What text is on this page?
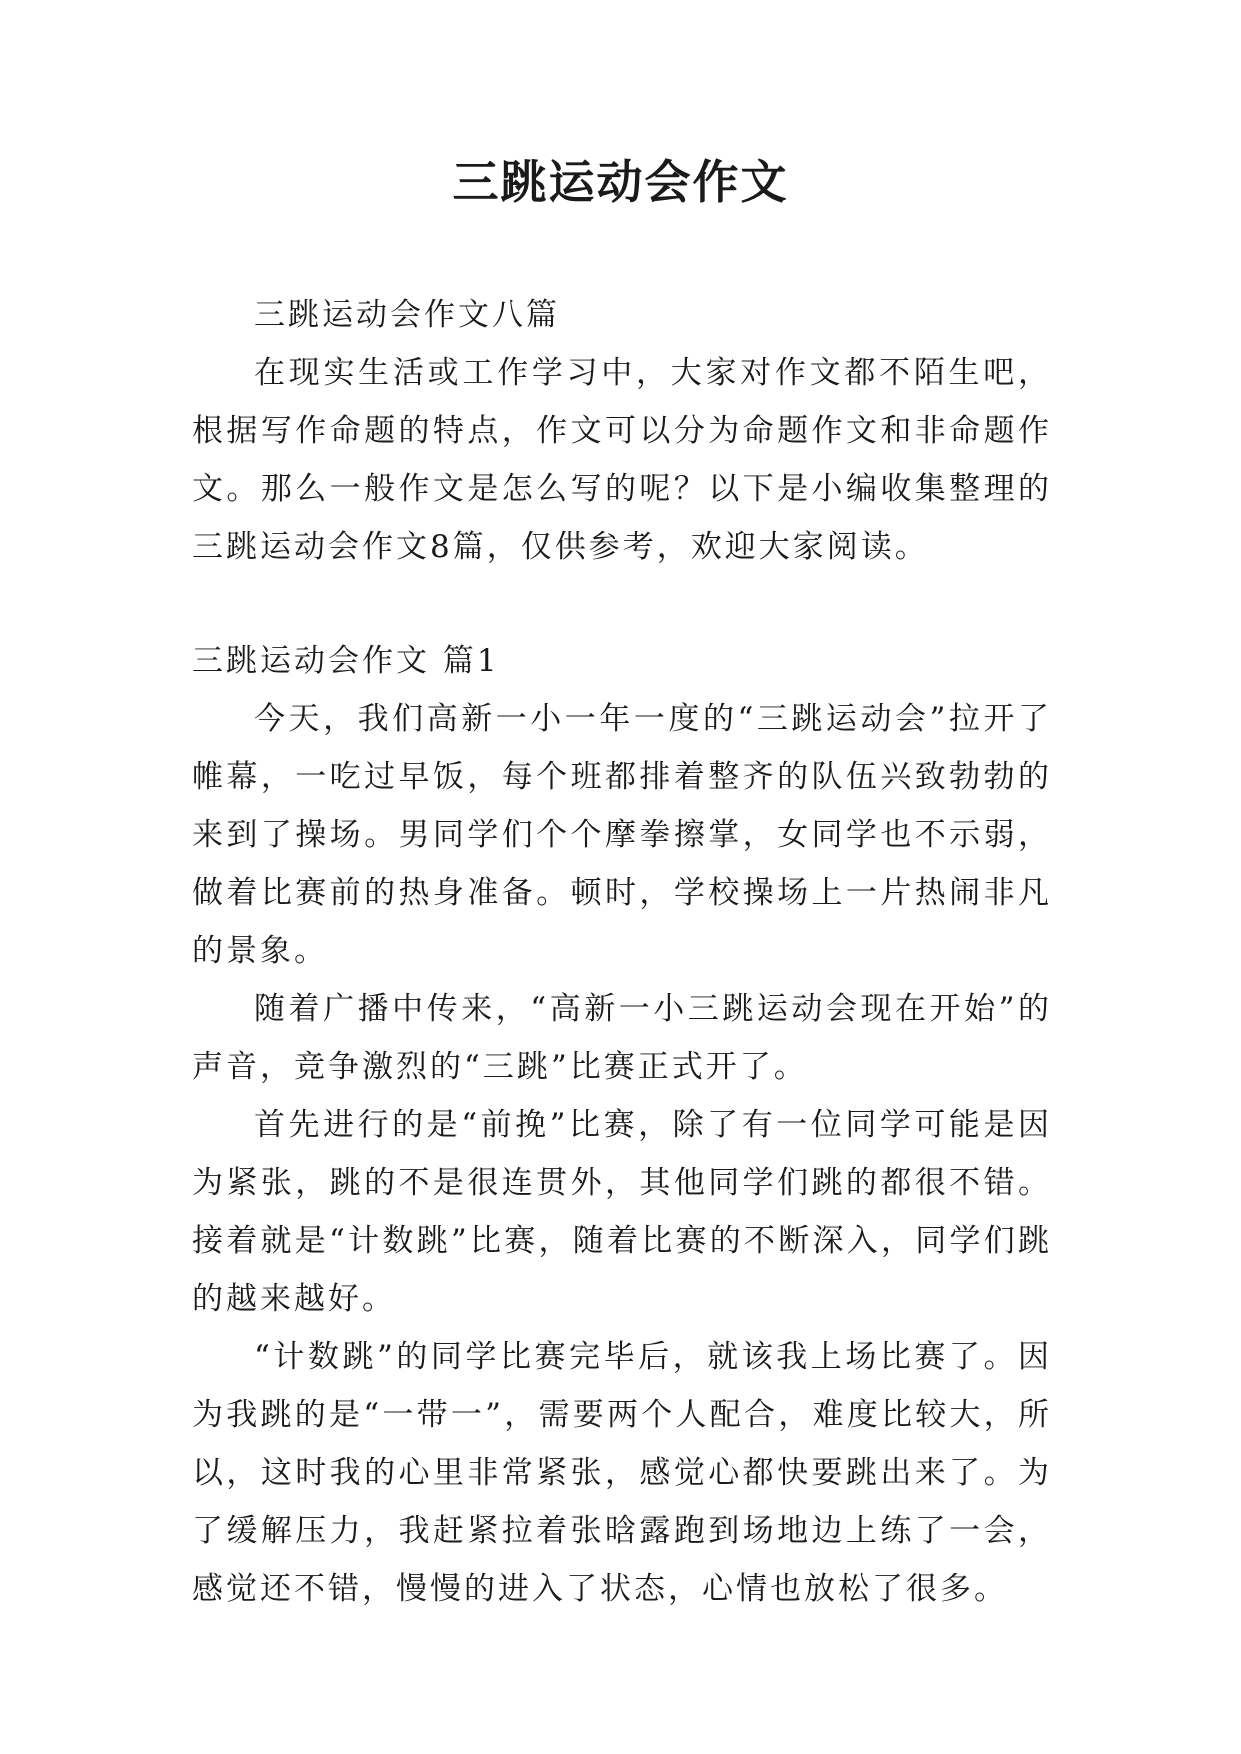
三跳运动会作文

三跳运动会作文八篇

在现实生活或工作学习中，大家对作文都不陌生吧，根据写作命题的特点，作文可以分为命题作文和非命题作文。那么一般作文是怎么写的呢？以下是小编收集整理的三跳运动会作文8篇，仅供参考，欢迎大家阅读。

三跳运动会作文 篇1

今天，我们高新一小一年一度的“三跳运动会”拉开了帷幕，一吃过早饭，每个班都排着整齐的队伍兴致勃勃的来到了操场。男同学们个个摩拳擦掌，女同学也不示弱，做着比赛前的热身准备。顿时，学校操场上一片热闹非凡的景象。

随着广播中传来，“高新一小三跳运动会现在开始”的声音，竞争激烈的“三跳”比赛正式开了。

首先进行的是“前挽”比赛，除了有一位同学可能是因为紧张，跳的不是很连贯外，其他同学们跳的都很不错。接着就是“计数跳”比赛，随着比赛的不断深入，同学们跳的越来越好。

“计数跳”的同学比赛完毕后，就该我上场比赛了。因为我跳的是“一带一”，需要两个人配合，难度比较大，所以，这时我的心里非常紧张，感觉心都快要跳出来了。为了缓解压力，我赶紧拉着张晗露跑到场地边上练了一会，感觉还不错，慢慢的进入了状态，心情也放松了很多。
